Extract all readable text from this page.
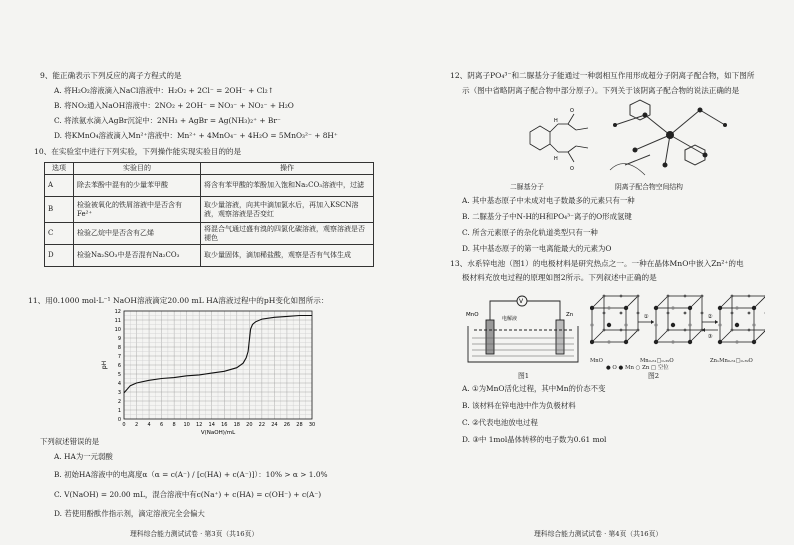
9、能正确表示下列反应的离子方程式的是
A. 将H₂O₂溶液滴入NaCl溶液中：H₂O₂ + 2Cl⁻ = 2OH⁻ + Cl₂↑
B. 将NO₂通入NaOH溶液中：2NO₂ + 2OH⁻ = NO₃⁻ + NO₂⁻ + H₂O
C. 将浓氨水滴入AgBr沉淀中：2NH₃ + AgBr = Ag(NH₃)₂⁺ + Br⁻
D. 将KMnO₄溶液滴入Mn²⁺溶液中：Mn²⁺ + 4MnO₄⁻ + 4H₂O = 5MnO₃²⁻ + 8H⁺
10、在实验室中进行下列实验，下列操作能实现实验目的的是
选项	实验目的	操作
A	除去苯酚中混有的少量苯甲酸	将含有苯甲酸的苯酚加入饱和Na₂CO₃溶液中，过滤
B	检验被氧化的铁屑溶液中是否含有Fe²⁺	取少量溶液，向其中滴加氯水后，再加入KSCN溶液，观察溶液是否变红
C	检验乙烷中是否含有乙烯	将混合气通过盛有溴的四氯化碳溶液，观察溶液是否褪色
D	检验Na₂SO₃中是否混有Na₂CO₃	取少量固体，滴加稀盐酸，观察是否有气体生成
11、用0.1000 mol·L⁻¹ NaOH溶液滴定20.00 mL HA溶液过程中的pH变化如图所示：
0 2 4 6 8 10 12 14 16 18 20 22 24 26 28 30
0
1
2
3
4
5
6
7
8
9
10
11
12
V(NaOH)/mL
pH
下列叙述错误的是
A. HA为一元弱酸
B. 初始HA溶液中的电离度α（α = c(A⁻) / [c(HA) + c(A⁻)]）：10% > α > 1.0%
C. V(NaOH) = 20.00 mL，混合溶液中有c(Na⁺) + c(HA) = c(OH⁻) + c(A⁻)
D. 若使用酚酞作指示剂，滴定溶液完全会偏大
理科综合能力测试试卷 · 第3页（共16页）
12、阴离子PO₄³⁻和二脲基分子能通过一种弱相互作用形成超分子阴离子配合物，如下图所
示（图中省略阴离子配合物中部分原子）。下列关于该阴离子配合物的说法正确的是
H
O
H
O
二脲基分子	阴离子配合物空间结构
A. 其中基态原子中未成对电子数最多的元素只有一种
B. 二脲基分子中N-H的H和PO₄³⁻离子的O形成氢键
C. 所含元素原子的杂化轨道类型只有一种
D. 其中基态原子的第一电离能最大的元素为O
13、水系锌电池（图1）的电极材料是研究热点之一。一种在晶体MnO中嵌入Zn²⁺的电
极材料充放电过程的原理如图2所示。下列叙述中正确的是
V
MnO	Zn
电解液
图1
①	②
③
MnO	Mn₀.₆₁□₀.₃₉O	ZnₓMn₀.₆₁□₀.₃₉O
● O ● Mn ○ Zn □ 空位
图2
A. ①为MnO活化过程，其中Mn的价态不变
B. 该材料在锌电池中作为负极材料
C. ②代表电池放电过程
D. ③中 1mol晶体转移的电子数为0.61 mol
理科综合能力测试试卷 · 第4页（共16页）
